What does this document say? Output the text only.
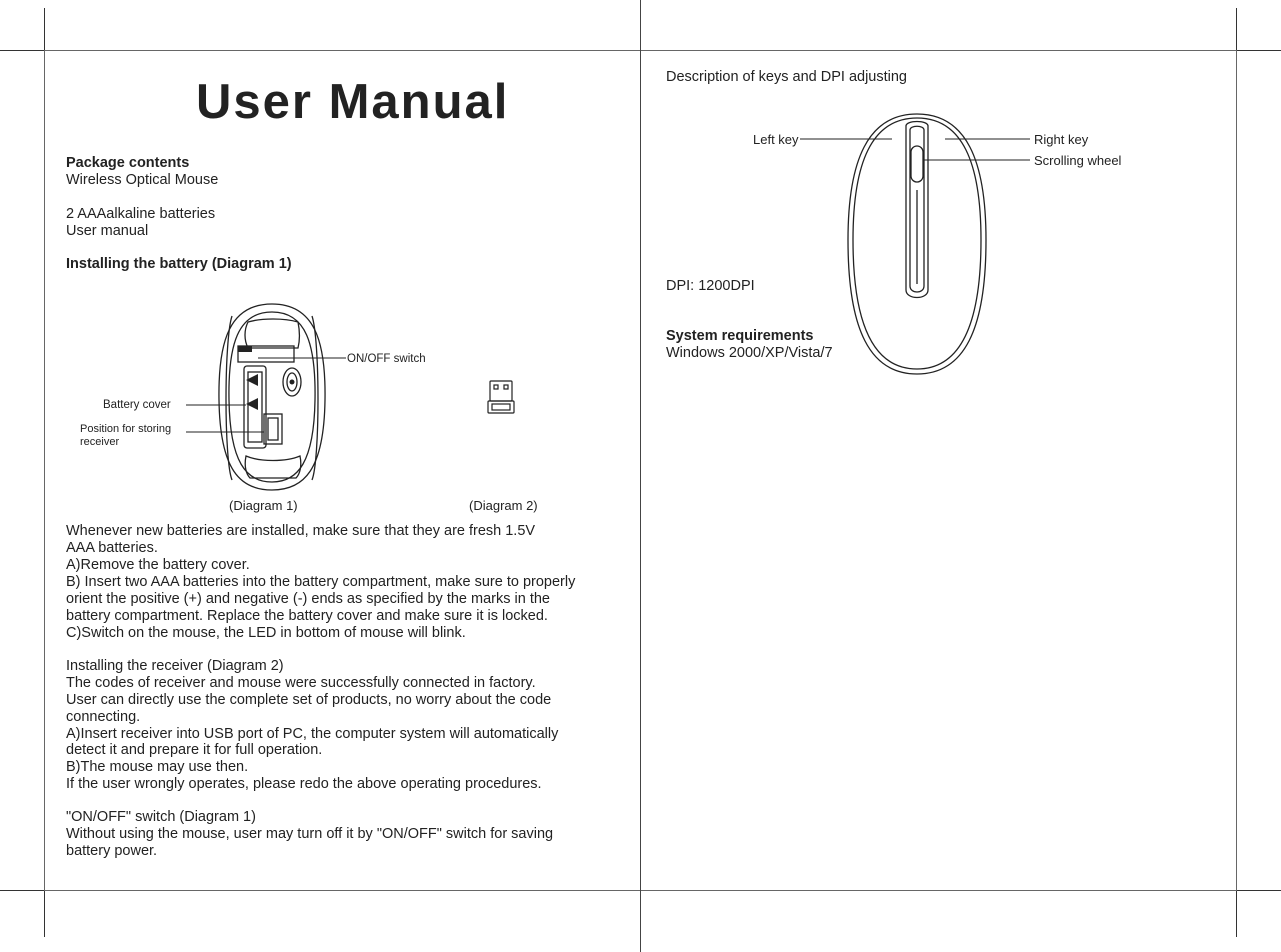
User Manual
Package contents
Wireless Optical Mouse
2 AAAalkaline batteries
User manual
Installing the battery (Diagram 1)
ON/OFF switch
Battery cover
Position for storing
receiver
(Diagram 1)	(Diagram 2)
Whenever new batteries are installed, make sure that they are fresh 1.5V
AAA batteries.
A)Remove the battery cover.
B) Insert two AAA batteries into the battery compartment, make sure to properly
orient the positive (+) and negative (-) ends as specified by the marks in the
battery compartment. Replace the battery cover and make sure it is locked.
C)Switch on the mouse, the LED in bottom of mouse will blink.
Installing the receiver (Diagram 2)
The codes of receiver and mouse were successfully connected in factory.
User can directly use the complete set of products, no worry about the code
connecting.
A)Insert receiver into USB port of PC, the computer system will automatically
detect it and prepare it for full operation.
B)The mouse may use then.
If the user wrongly operates, please redo the above operating procedures.
"ON/OFF" switch (Diagram 1)
Without using the mouse, user may turn off it by "ON/OFF" switch for saving
battery power.
Description of keys and DPI adjusting
Left key	Right key
Scrolling wheel
DPI: 1200DPI
System requirements
Windows 2000/XP/Vista/7
